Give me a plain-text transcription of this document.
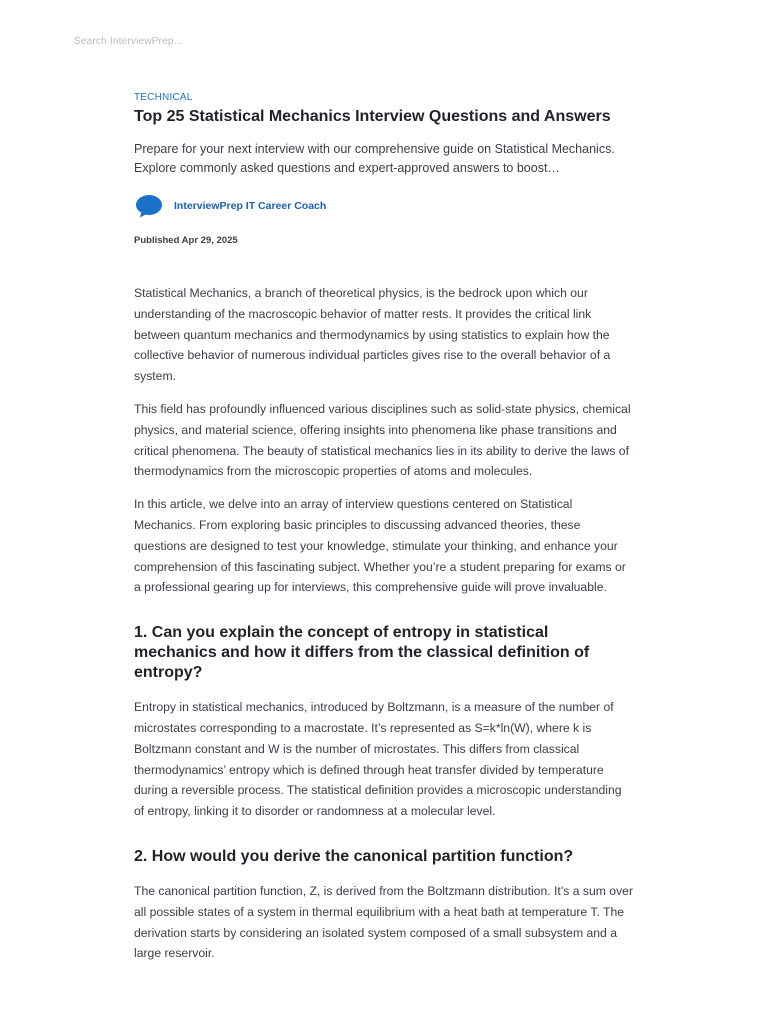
Search InterviewPrep...

TECHNICAL

Top 25 Statistical Mechanics Interview Questions and Answers

Prepare for your next interview with our comprehensive guide on Statistical Mechanics. Explore commonly asked questions and expert-approved answers to boost…

InterviewPrep IT Career Coach
Published Apr 29, 2025

Statistical Mechanics, a branch of theoretical physics, is the bedrock upon which our understanding of the macroscopic behavior of matter rests. It provides the critical link between quantum mechanics and thermodynamics by using statistics to explain how the collective behavior of numerous individual particles gives rise to the overall behavior of a system.

This field has profoundly influenced various disciplines such as solid-state physics, chemical physics, and material science, offering insights into phenomena like phase transitions and critical phenomena. The beauty of statistical mechanics lies in its ability to derive the laws of thermodynamics from the microscopic properties of atoms and molecules.

In this article, we delve into an array of interview questions centered on Statistical Mechanics. From exploring basic principles to discussing advanced theories, these questions are designed to test your knowledge, stimulate your thinking, and enhance your comprehension of this fascinating subject. Whether you’re a student preparing for exams or a professional gearing up for interviews, this comprehensive guide will prove invaluable.

1. Can you explain the concept of entropy in statistical mechanics and how it differs from the classical definition of entropy?

Entropy in statistical mechanics, introduced by Boltzmann, is a measure of the number of microstates corresponding to a macrostate. It’s represented as S=k*ln(W), where k is Boltzmann constant and W is the number of microstates. This differs from classical thermodynamics’ entropy which is defined through heat transfer divided by temperature during a reversible process. The statistical definition provides a microscopic understanding of entropy, linking it to disorder or randomness at a molecular level.

2. How would you derive the canonical partition function?

The canonical partition function, Z, is derived from the Boltzmann distribution. It’s a sum over all possible states of a system in thermal equilibrium with a heat bath at temperature T. The derivation starts by considering an isolated system composed of a small subsystem and a large reservoir.
